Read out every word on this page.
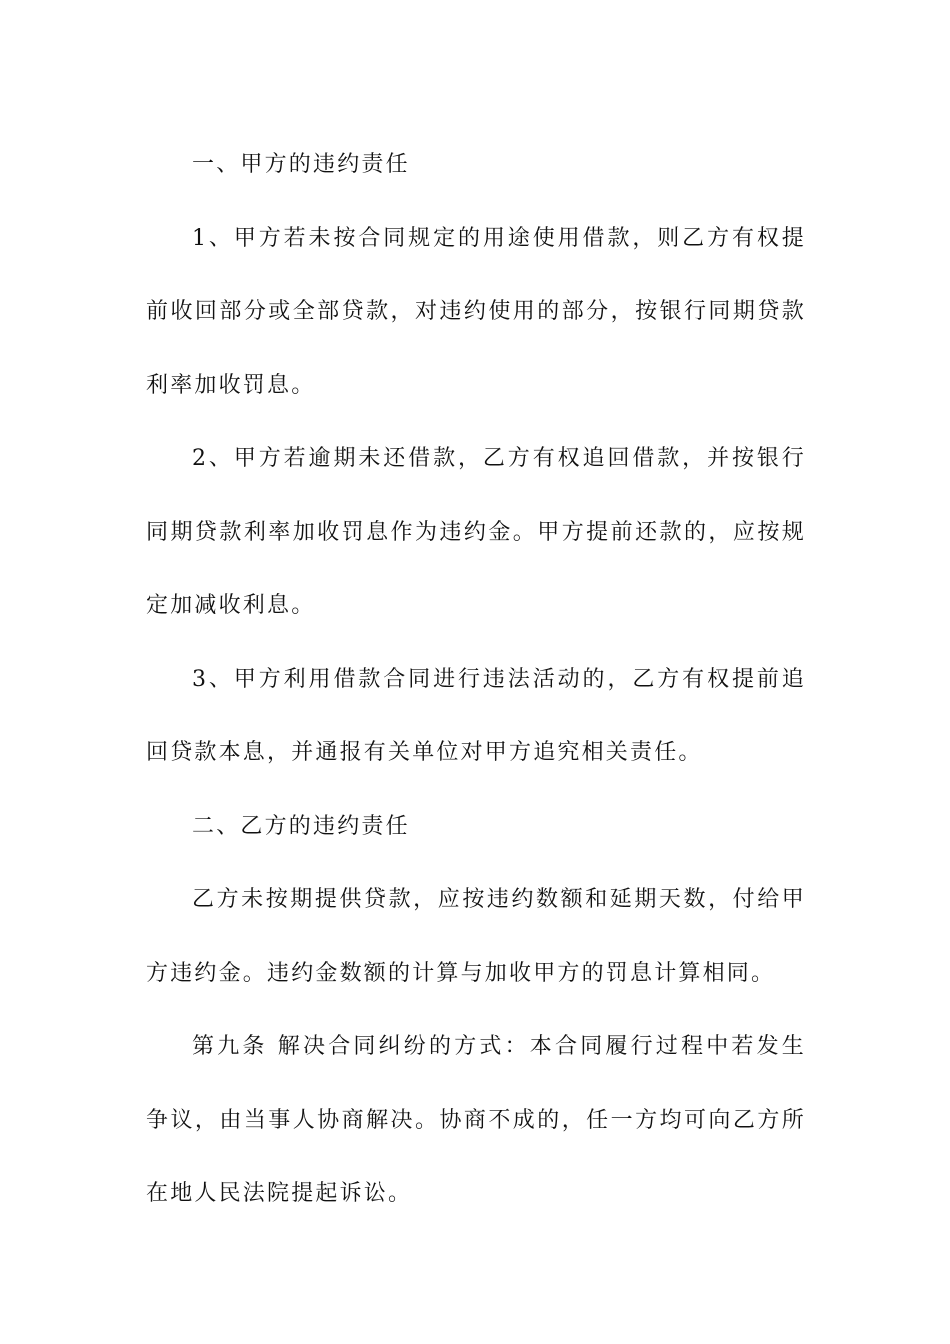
一、甲方的违约责任

1、甲方若未按合同规定的用途使用借款，则乙方有权提前收回部分或全部贷款，对违约使用的部分，按银行同期贷款利率加收罚息。

2、甲方若逾期未还借款，乙方有权追回借款，并按银行同期贷款利率加收罚息作为违约金。甲方提前还款的，应按规定加减收利息。

3、甲方利用借款合同进行违法活动的，乙方有权提前追回贷款本息，并通报有关单位对甲方追究相关责任。

二、乙方的违约责任

乙方未按期提供贷款，应按违约数额和延期天数，付给甲方违约金。违约金数额的计算与加收甲方的罚息计算相同。

第九条 解决合同纠纷的方式：本合同履行过程中若发生争议，由当事人协商解决。协商不成的，任一方均可向乙方所在地人民法院提起诉讼。
